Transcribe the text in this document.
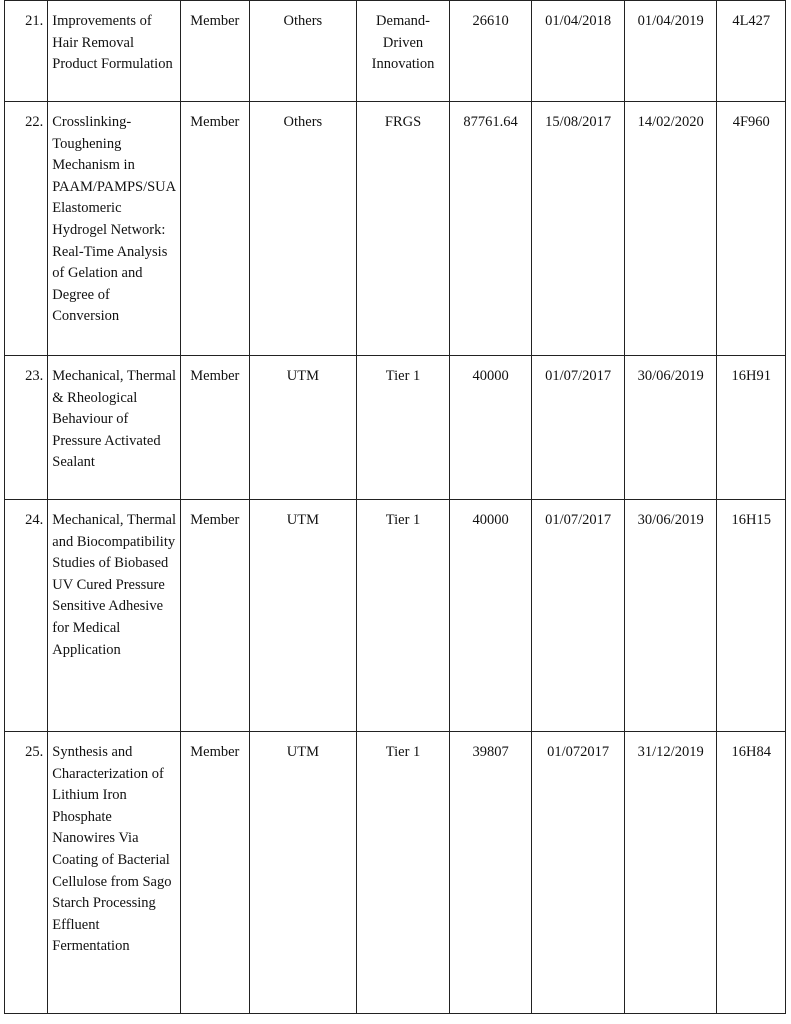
21.	Improvements of Hair Removal Product Formulation	Member	Others	Demand-Driven Innovation	26610	01/04/2018	01/04/2019	4L427
22.	Crosslinking-Toughening Mechanism in PAAM/PAMPS/SUA Elastomeric Hydrogel Network: Real-Time Analysis of Gelation and Degree of Conversion	Member	Others	FRGS	87761.64	15/08/2017	14/02/2020	4F960
23.	Mechanical, Thermal & Rheological Behaviour of Pressure Activated Sealant	Member	UTM	Tier 1	40000	01/07/2017	30/06/2019	16H91
24.	Mechanical, Thermal and Biocompatibility Studies of Biobased UV Cured Pressure Sensitive Adhesive for Medical Application	Member	UTM	Tier 1	40000	01/07/2017	30/06/2019	16H15
25.	Synthesis and Characterization of Lithium Iron Phosphate Nanowires Via Coating of Bacterial Cellulose from Sago Starch Processing Effluent Fermentation	Member	UTM	Tier 1	39807	01/072017	31/12/2019	16H84
